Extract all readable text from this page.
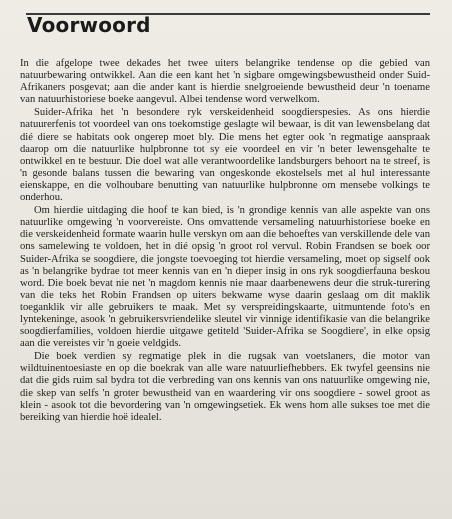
Voorwoord

In die afgelope twee dekades het twee uiters belangrike tendense op die gebied van natuurbewaring ontwikkel. Aan die een kant het 'n sigbare omgewingsbewustheid onder Suid-Afrikaners posgevat; aan die ander kant is hierdie snelgroeiende bewustheid deur 'n toename van natuurhistoriese boeke aangevul. Albei tendense word verwelkom.

Suider-Afrika het 'n besondere ryk verskeidenheid soogdierspesies. As ons hierdie natuurerfenis tot voordeel van ons toekomstige geslagte wil bewaar, is dit van lewensbelang dat dié diere se habitats ook ongerep moet bly. Die mens het egter ook 'n regmatige aanspraak daarop om die natuurlike hulpbronne tot sy eie voordeel en vir 'n beter lewensgehalte te ontwikkel en te bestuur. Die doel wat alle verantwoordelike landsburgers behoort na te streef, is 'n gesonde balans tussen die bewaring van ongeskonde ekostelsels met al hul interessante eienskappe, en die volhoubare benutting van natuurlike hulpbronne om mensebe volkings te onderhou.

Om hierdie uitdaging die hoof te kan bied, is 'n grondige kennis van alle aspekte van ons natuurlike omgewing 'n voorvereiste. Ons omvattende versameling natuurhistoriese boeke en die verskeidenheid formate waarin hulle verskyn om aan die behoeftes van verskillende dele van ons samelewing te voldoen, het in dié opsig 'n groot rol vervul. Robin Frandsen se boek oor Suider-Afrika se soogdiere, die jongste toevoeging tot hierdie versameling, moet op sigself ook as 'n belangrike bydrae tot meer kennis van en 'n dieper insig in ons ryk soogdierfauna beskou word. Die boek bevat nie net 'n magdom kennis nie maar daarbenewens deur die struk-turering van die teks het Robin Frandsen op uiters bekwame wyse daarin geslaag om dit maklik toeganklik vir alle gebruikers te maak. Met sy verspreidingskaarte, uitmuntende foto's en lyntekeninge, asook 'n gebruikersvriendelike sleutel vir vinnige identifikasie van die belangrike soogdierfamilies, voldoen hierdie uitgawe getiteld 'Suider-Afrika se Soogdiere', in elke opsig aan die vereistes vir 'n goeie veldgids.

Die boek verdien sy regmatige plek in die rugsak van voetslaners, die motor van wildtuinentoesiaste en op die boekrak van alle ware natuurliefhebbers. Ek twyfel geensins nie dat die gids ruim sal bydra tot die verbreding van ons kennis van ons natuurlike omgewing nie, die skep van selfs 'n groter bewustheid van en waardering vir ons soogdiere - sowel groot as klein - asook tot die bevordering van 'n omgewingsetiek. Ek wens hom alle sukses toe met die bereiking van hierdie hoë idealel.
